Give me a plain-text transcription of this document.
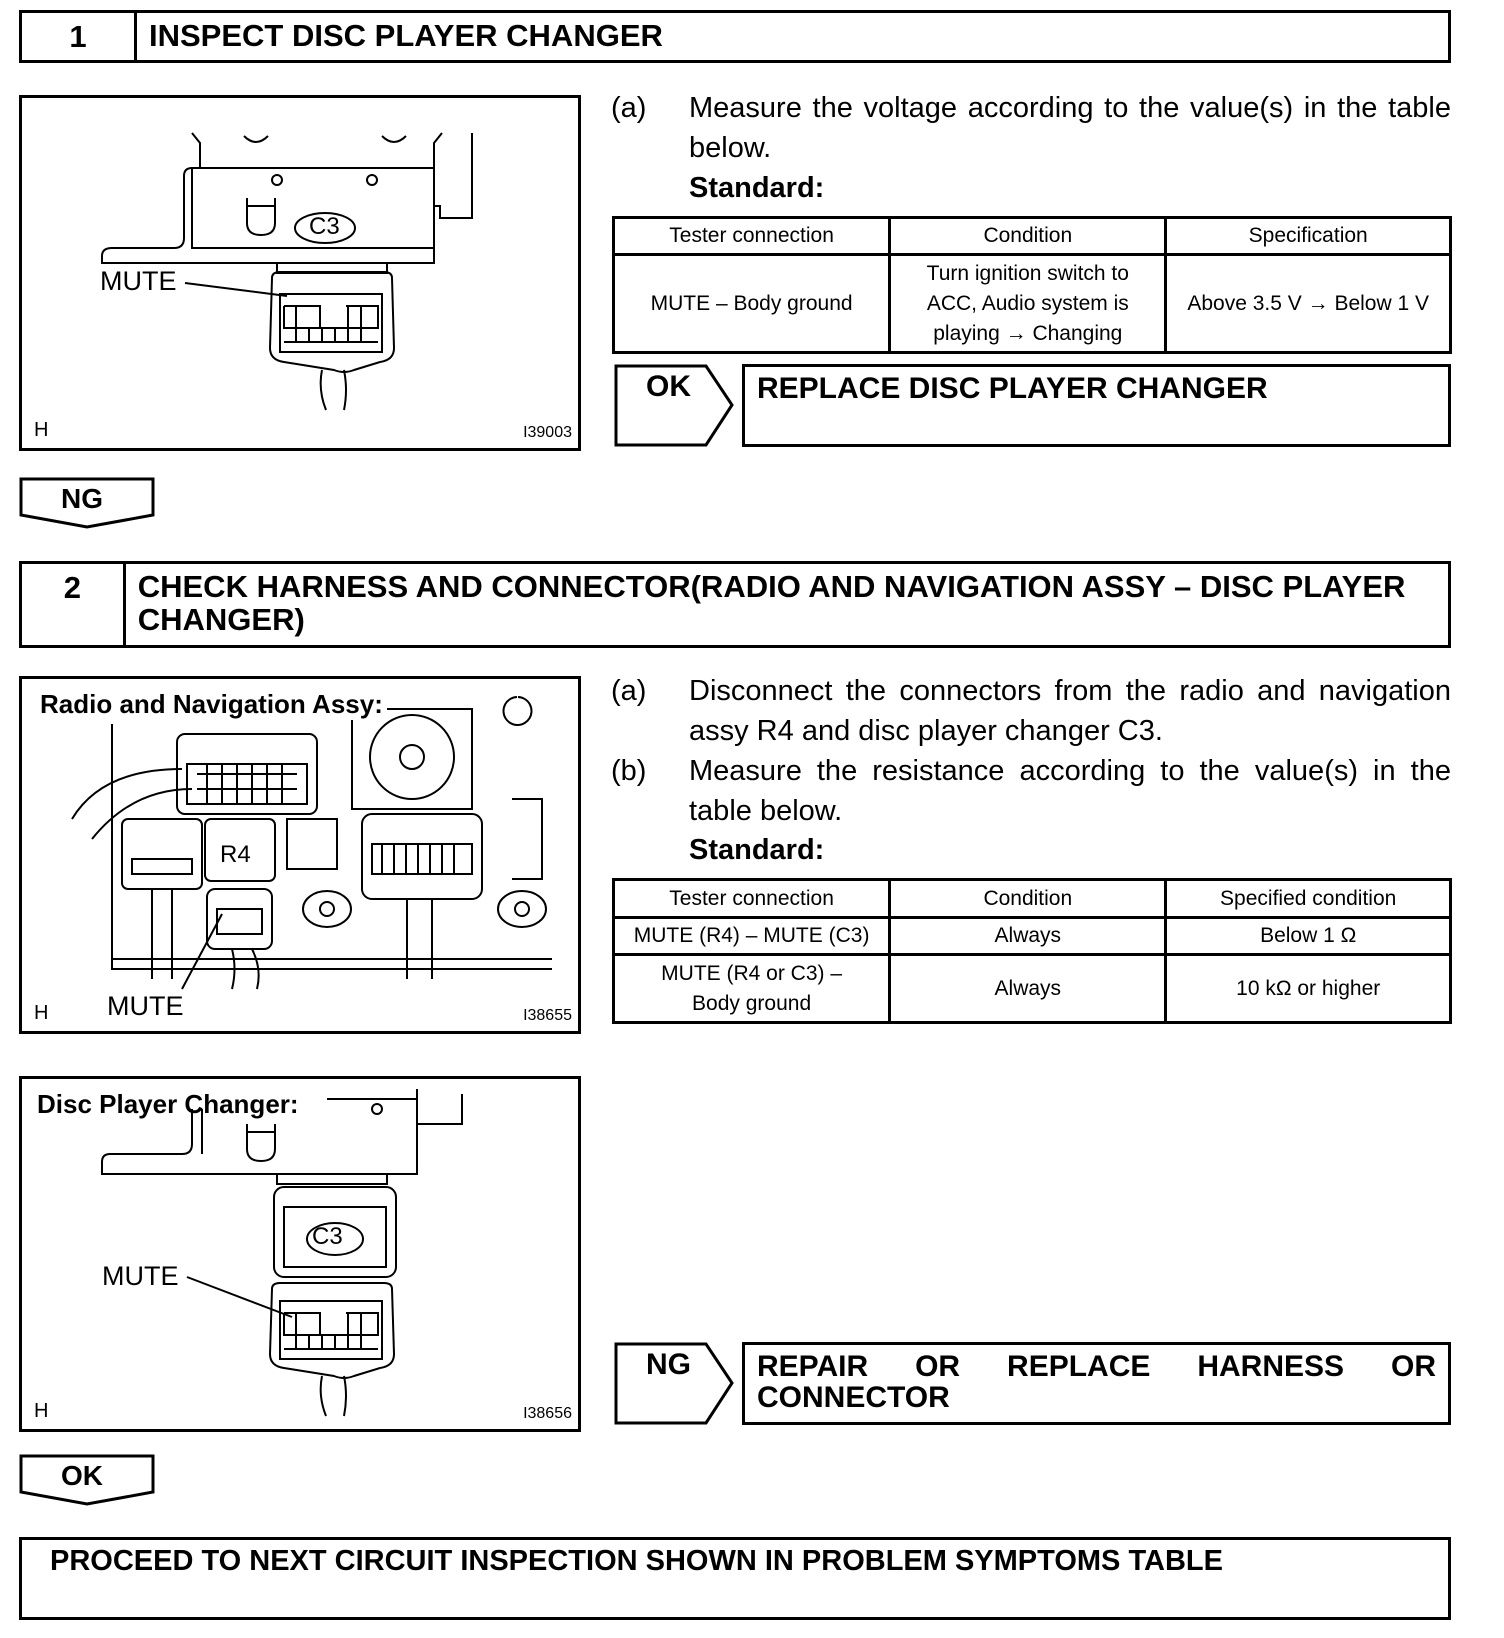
1	INSPECT DISC PLAYER CHANGER
MUTE
C3
H	I39003
(a) Measure the voltage according to the value(s) in the table below.
Standard:
Tester connection	Condition	Specification
MUTE – Body ground	Turn ignition switch to ACC, Audio system is playing → Changing	Above 3.5 V → Below 1 V
OK	REPLACE DISC PLAYER CHANGER
NG
2	CHECK HARNESS AND CONNECTOR(RADIO AND NAVIGATION ASSY – DISC PLAYER CHANGER)
Radio and Navigation Assy:
R4
MUTE
H	I38655
Disc Player Changer:
C3
MUTE
H	I38656
(a) Disconnect the connectors from the radio and navigation assy R4 and disc player changer C3.
(b) Measure the resistance according to the value(s) in the table below.
Standard:
Tester connection	Condition	Specified condition
MUTE (R4) – MUTE (C3)	Always	Below 1 Ω
MUTE (R4 or C3) – Body ground	Always	10 kΩ or higher
NG	REPAIR OR REPLACE HARNESS OR CONNECTOR
OK
PROCEED TO NEXT CIRCUIT INSPECTION SHOWN IN PROBLEM SYMPTOMS TABLE
